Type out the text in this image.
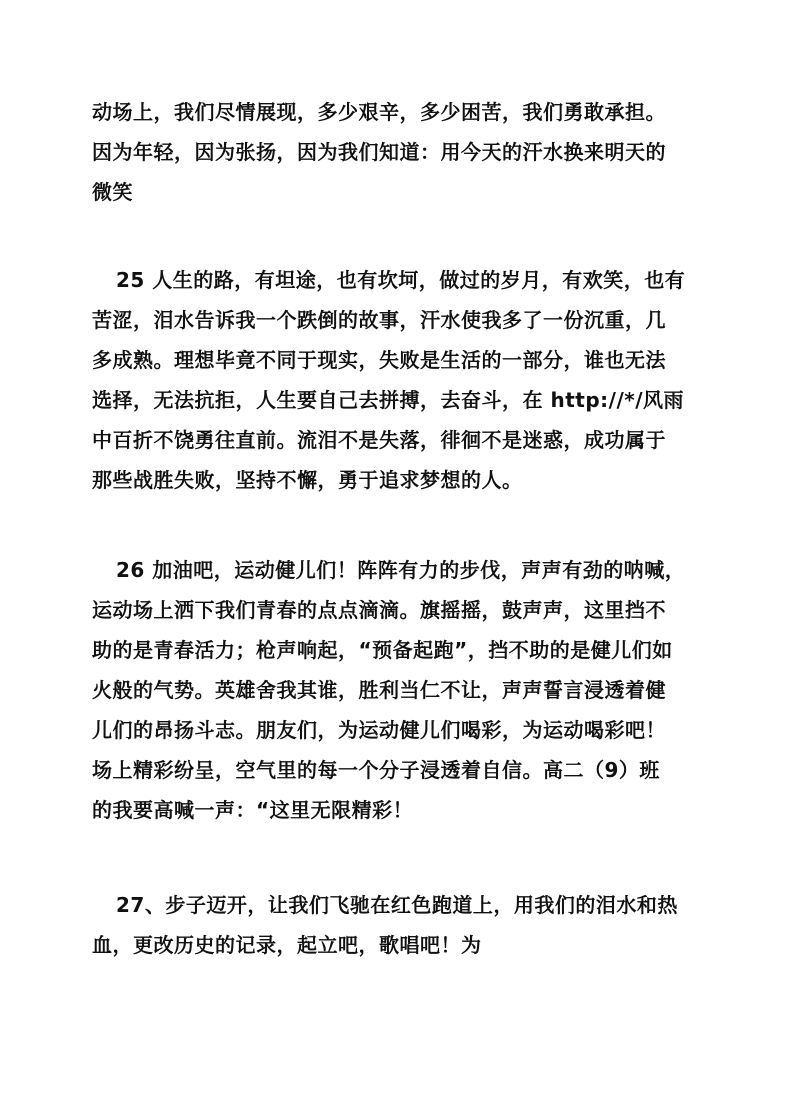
动场上，我们尽情展现，多少艰辛，多少困苦，我们勇敢承担。
因为年轻，因为张扬，因为我们知道：用今天的汗水换来明天的
微笑
25 人生的路，有坦途，也有坎坷，做过的岁月，有欢笑，也有
苦涩，泪水告诉我一个跌倒的故事，汗水使我多了一份沉重，几
多成熟。理想毕竟不同于现实，失败是生活的一部分，谁也无法
选择，无法抗拒，人生要自己去拼搏，去奋斗，在 http://*/风雨
中百折不饶勇往直前。流泪不是失落，徘徊不是迷惑，成功属于
那些战胜失败，坚持不懈，勇于追求梦想的人。
26 加油吧，运动健儿们！阵阵有力的步伐，声声有劲的呐喊，
运动场上洒下我们青春的点点滴滴。旗摇摇，鼓声声，这里挡不
助的是青春活力；枪声响起，“预备起跑”，挡不助的是健儿们如
火般的气势。英雄舍我其谁，胜利当仁不让，声声誓言浸透着健
儿们的昂扬斗志。朋友们，为运动健儿们喝彩，为运动喝彩吧！
场上精彩纷呈，空气里的每一个分子浸透着自信。高二（9）班
的我要高喊一声：“这里无限精彩！
27、步子迈开，让我们飞驰在红色跑道上，用我们的泪水和热
血，更改历史的记录，起立吧，歌唱吧！为
